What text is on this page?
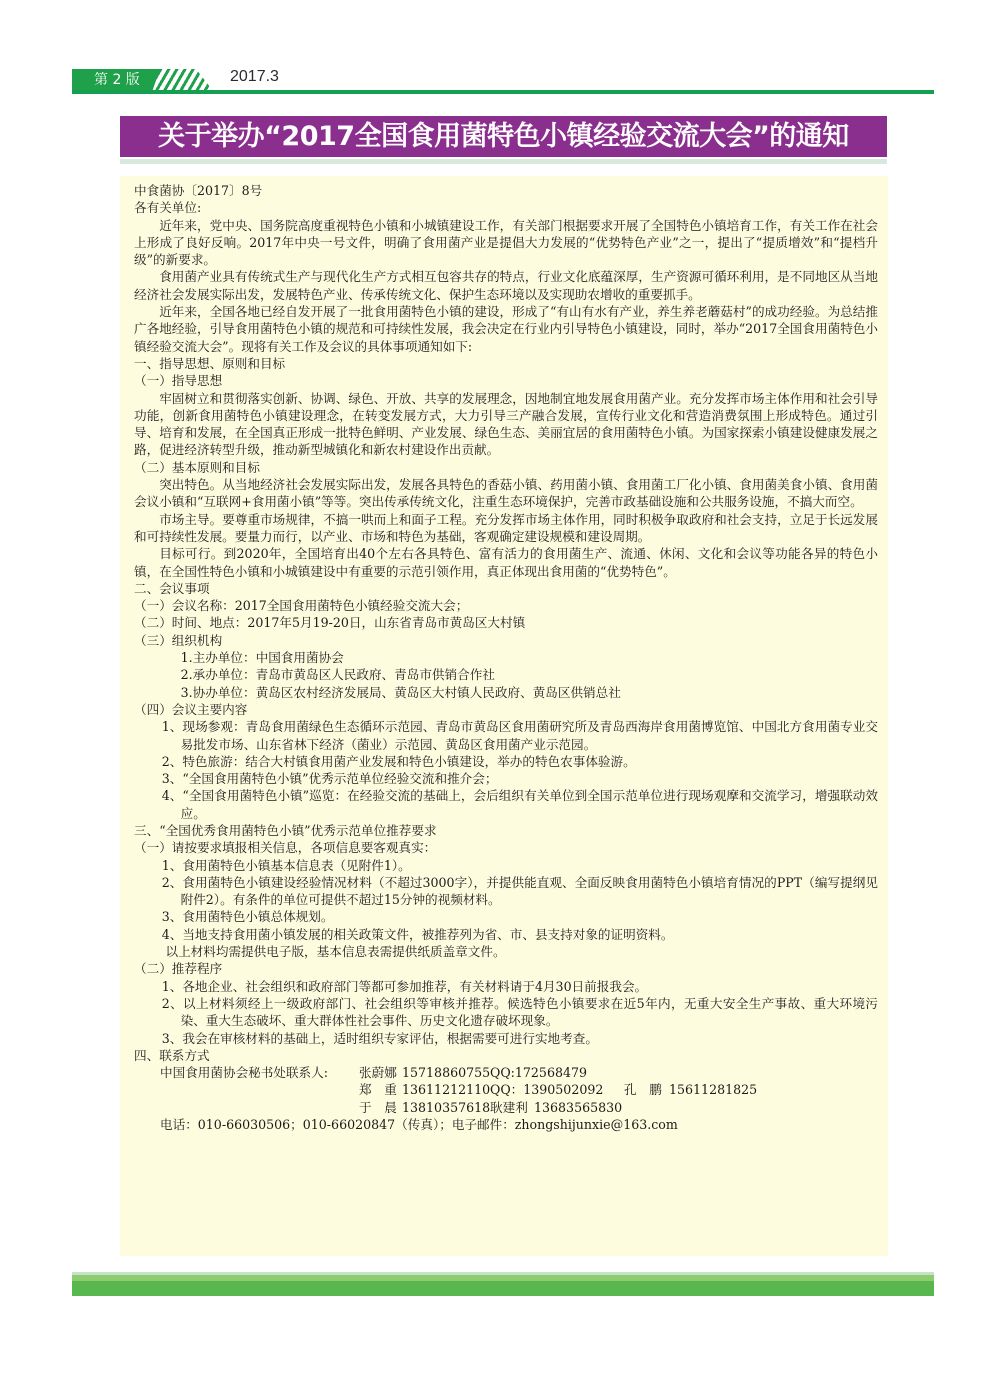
第 2 版	2017.3
关于举办“2017全国食用菌特色小镇经验交流大会”的通知

中食菌协〔2017〕8号

各有关单位:

近年来，党中央、国务院高度重视特色小镇和小城镇建设工作，有关部门根据要求开展了全国特色小镇培育工作，有关工作在社会上形成了良好反响。2017年中央一号文件，明确了食用菌产业是提倡大力发展的“优势特色产业”之一，提出了“提质增效”和“提档升级”的新要求。

食用菌产业具有传统式生产与现代化生产方式相互包容共存的特点，行业文化底蕴深厚，生产资源可循环利用，是不同地区从当地经济社会发展实际出发，发展特色产业、传承传统文化、保护生态环境以及实现助农增收的重要抓手。

近年来，全国各地已经自发开展了一批食用菌特色小镇的建设，形成了“有山有水有产业，养生养老蘑菇村”的成功经验。为总结推广各地经验，引导食用菌特色小镇的规范和可持续性发展，我会决定在行业内引导特色小镇建设，同时，举办“2017全国食用菌特色小镇经验交流大会”。现将有关工作及会议的具体事项通知如下:

一、指导思想、原则和目标

（一）指导思想

牢固树立和贯彻落实创新、协调、绿色、开放、共享的发展理念，因地制宜地发展食用菌产业。充分发挥市场主体作用和社会引导功能，创新食用菌特色小镇建设理念，在转变发展方式，大力引导三产融合发展，宣传行业文化和营造消费氛围上形成特色。通过引导、培育和发展，在全国真正形成一批特色鲜明、产业发展、绿色生态、美丽宜居的食用菌特色小镇。为国家探索小镇建设健康发展之路，促进经济转型升级，推动新型城镇化和新农村建设作出贡献。

（二）基本原则和目标

突出特色。从当地经济社会发展实际出发，发展各具特色的香菇小镇、药用菌小镇、食用菌工厂化小镇、食用菌美食小镇、食用菌会议小镇和“互联网+食用菌小镇”等等。突出传承传统文化，注重生态环境保护，完善市政基础设施和公共服务设施，不搞大而空。

市场主导。要尊重市场规律，不搞一哄而上和面子工程。充分发挥市场主体作用，同时积极争取政府和社会支持，立足于长远发展和可持续性发展。要量力而行，以产业、市场和特色为基础，客观确定建设规模和建设周期。

目标可行。到2020年，全国培育出40个左右各具特色、富有活力的食用菌生产、流通、休闲、文化和会议等功能各异的特色小镇，在全国性特色小镇和小城镇建设中有重要的示范引领作用，真正体现出食用菌的“优势特色”。

二、会议事项

（一）会议名称：2017全国食用菌特色小镇经验交流大会；

（二）时间、地点：2017年5月19-20日，山东省青岛市黄岛区大村镇

（三）组织机构

1.主办单位：中国食用菌协会

2.承办单位：青岛市黄岛区人民政府、青岛市供销合作社

3.协办单位：黄岛区农村经济发展局、黄岛区大村镇人民政府、黄岛区供销总社

（四）会议主要内容

1、现场参观：青岛食用菌绿色生态循环示范园、青岛市黄岛区食用菌研究所及青岛西海岸食用菌博览馆、中国北方食用菌专业交易批发市场、山东省林下经济（菌业）示范园、黄岛区食用菌产业示范园。

2、特色旅游：结合大村镇食用菌产业发展和特色小镇建设，举办的特色农事体验游。

3、“全国食用菌特色小镇”优秀示范单位经验交流和推介会；

4、“全国食用菌特色小镇”巡览：在经验交流的基础上，会后组织有关单位到全国示范单位进行现场观摩和交流学习，增强联动效应。

三、“全国优秀食用菌特色小镇”优秀示范单位推荐要求

（一）请按要求填报相关信息，各项信息要客观真实：

1、食用菌特色小镇基本信息表（见附件1）。

2、食用菌特色小镇建设经验情况材料（不超过3000字），并提供能直观、全面反映食用菌特色小镇培育情况的PPT（编写提纲见附件2）。有条件的单位可提供不超过15分钟的视频材料。

3、食用菌特色小镇总体规划。

4、当地支持食用菌小镇发展的相关政策文件，被推荐列为省、市、县支持对象的证明资料。

以上材料均需提供电子版，基本信息表需提供纸质盖章文件。

（二）推荐程序

1、各地企业、社会组织和政府部门等都可参加推荐，有关材料请于4月30日前报我会。

2、以上材料须经上一级政府部门、社会组织等审核并推荐。候选特色小镇要求在近5年内，无重大安全生产事故、重大环境污染、重大生态破坏、重大群体性社会事件、历史文化遗存破坏现象。

3、我会在审核材料的基础上，适时组织专家评估，根据需要可进行实地考查。

四、联系方式

中国食用菌协会秘书处联系人: 张蔚娜 15718860755 QQ:172568479
郑　重 13611212110 QQ：1390502092 孔　鹏 15611281825
于　晨 13810357618 耿建利 13683565830

电话：010-66030506；010-66020847（传真）；电子邮件：zhongshijunxie@163.com
